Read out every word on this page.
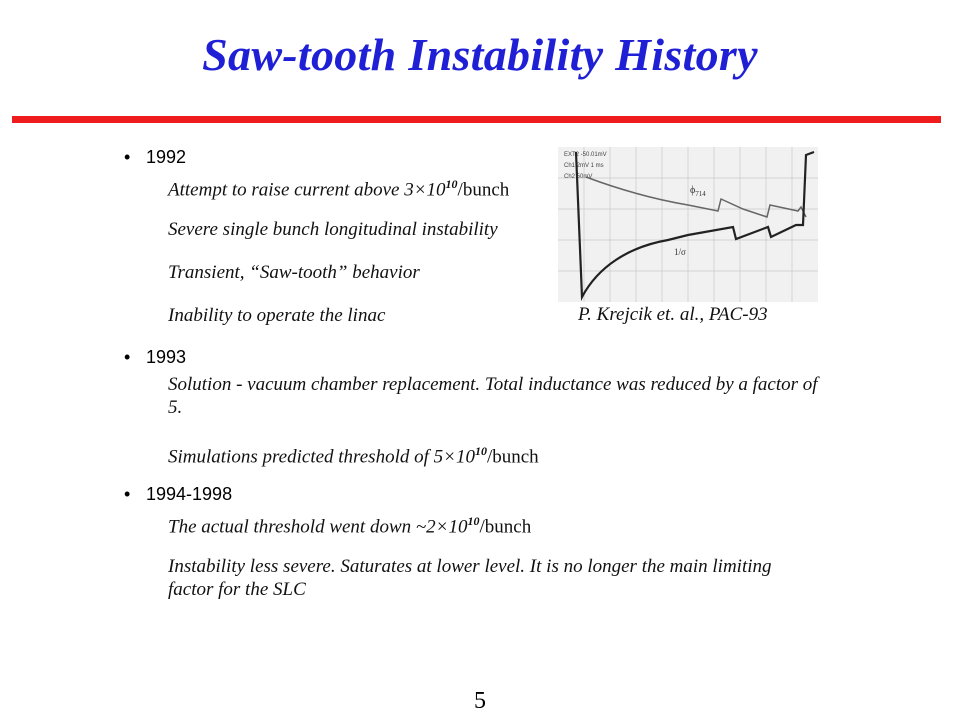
Saw-tooth Instability History
• 1992
Attempt to raise current above $3\times 10^{10}$/bunch
Severe single bunch longitudinal instability
Transient, “Saw-tooth” behavior
Inability to operate the linac
• 1993
Solution - vacuum chamber replacement. Total inductance was reduced by a factor of 5.
Simulations predicted threshold of $5\times 10^{10}$/bunch
• 1994-1998
The actual threshold went down $\sim 2\times 10^{10}$/bunch
Instability less severe. Saturates at lower level. It is no longer the main limiting factor for the SLC
EXT2 -50.01mV
Ch1 2mV 1 ms
Ch2 50mV
$\phi_{714}$
1/σ
P. Krejcik et. al., PAC-93
5
